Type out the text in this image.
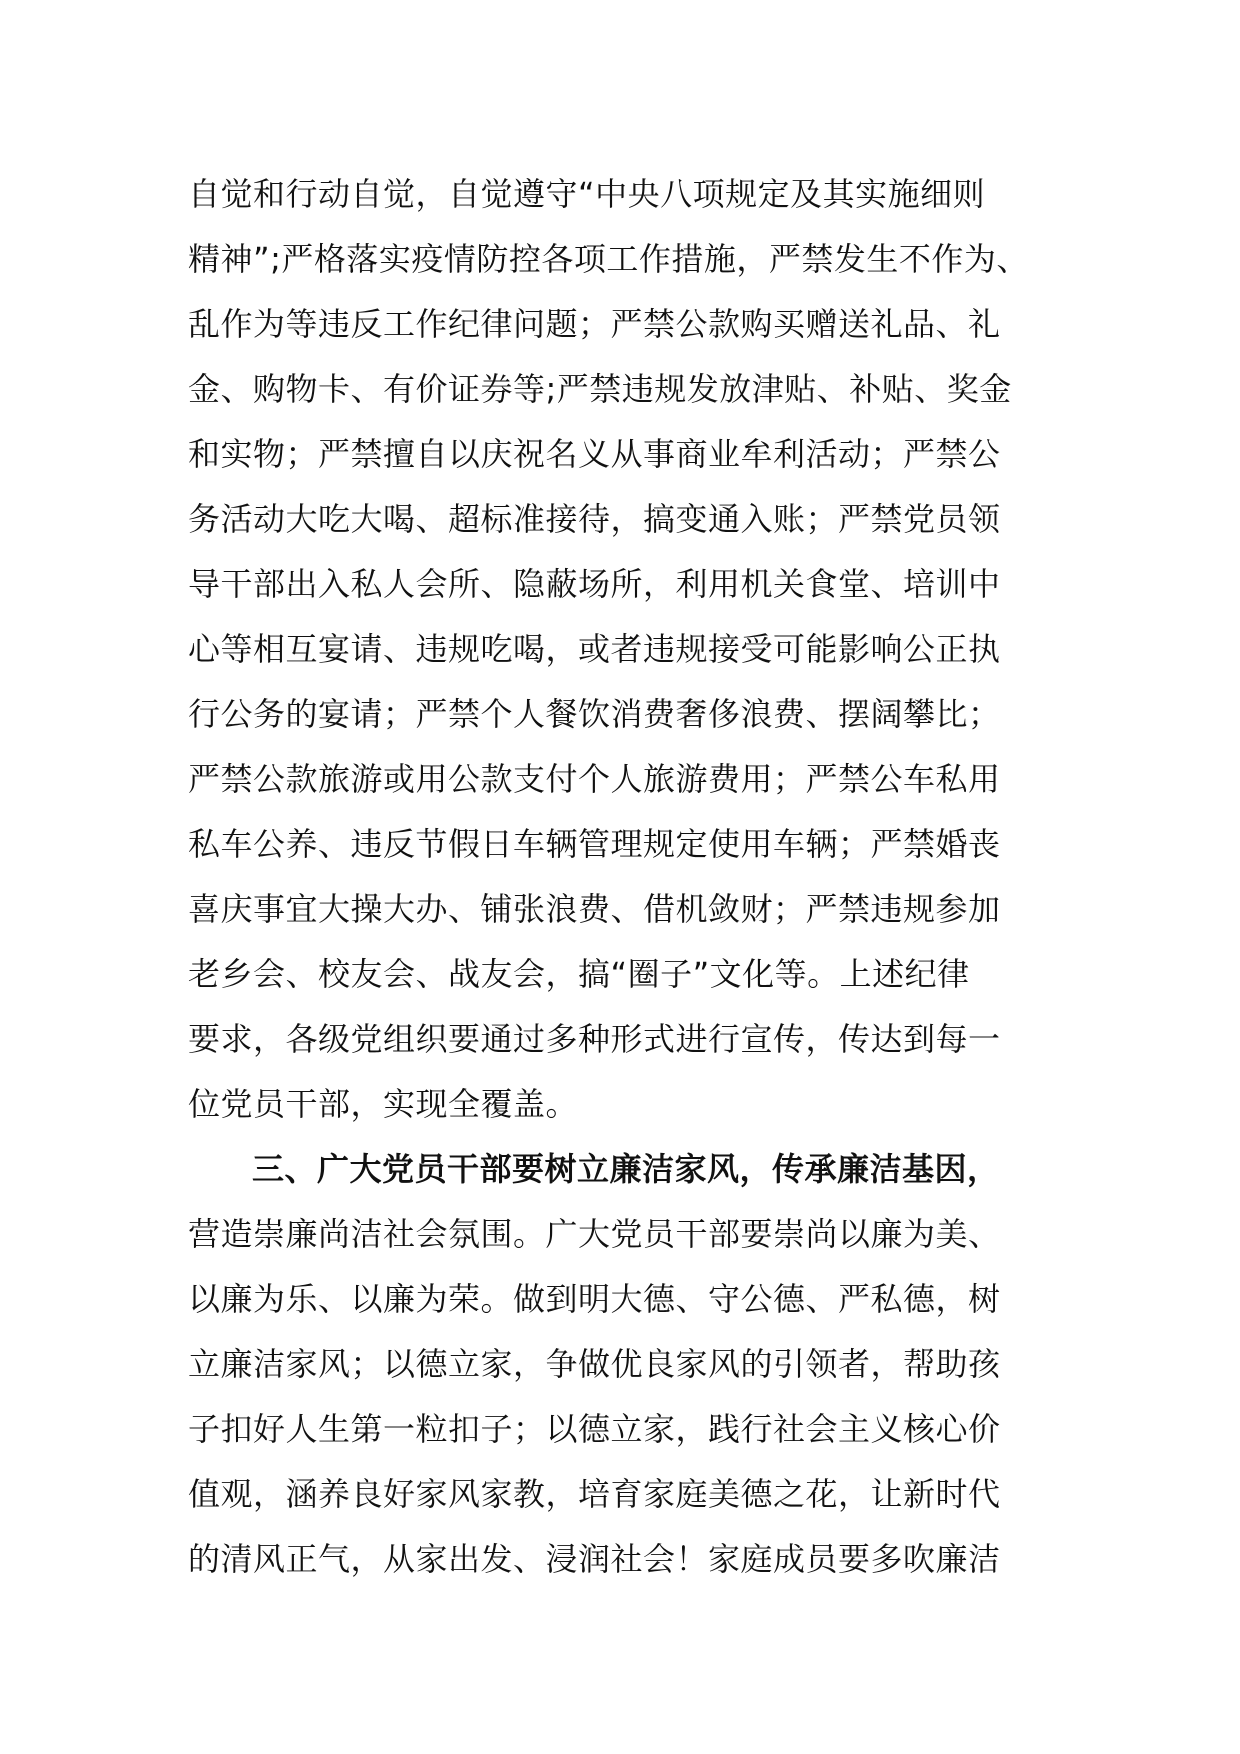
自觉和行动自觉，自觉遵守“中央八项规定及其实施细则
精神”;严格落实疫情防控各项工作措施，严禁发生不作为、
乱作为等违反工作纪律问题；严禁公款购买赠送礼品、礼
金、购物卡、有价证券等;严禁违规发放津贴、补贴、奖金
和实物；严禁擅自以庆祝名义从事商业牟利活动；严禁公
务活动大吃大喝、超标准接待，搞变通入账；严禁党员领
导干部出入私人会所、隐蔽场所，利用机关食堂、培训中
心等相互宴请、违规吃喝，或者违规接受可能影响公正执
行公务的宴请；严禁个人餐饮消费奢侈浪费、摆阔攀比；
严禁公款旅游或用公款支付个人旅游费用；严禁公车私用
私车公养、违反节假日车辆管理规定使用车辆；严禁婚丧
喜庆事宜大操大办、铺张浪费、借机敛财；严禁违规参加
老乡会、校友会、战友会，搞“圈子”文化等。上述纪律
要求，各级党组织要通过多种形式进行宣传，传达到每一
位党员干部，实现全覆盖。
三、广大党员干部要树立廉洁家风，传承廉洁基因，
营造崇廉尚洁社会氛围。广大党员干部要崇尚以廉为美、
以廉为乐、以廉为荣。做到明大德、守公德、严私德，树
立廉洁家风；以德立家，争做优良家风的引领者，帮助孩
子扣好人生第一粒扣子；以德立家，践行社会主义核心价
值观，涵养良好家风家教，培育家庭美德之花，让新时代
的清风正气，从家出发、浸润社会！家庭成员要多吹廉洁
